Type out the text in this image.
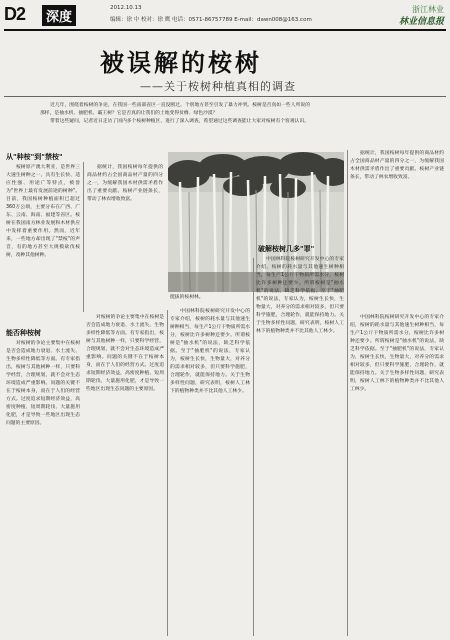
D2	深度
2012.10.13
编辑：徐 中 校对：徐 鹰 电话：0571-86757789 E-mail：dawn008@163.com
浙江林业
林业信息报
被误解的桉树
——关于桉树种植真相的调查

近几年，围绕着桉树的争论，在我国一些南部省区一直没断过。个别地方甚至引发了暴力冲突。桉树是否真如一些人所说的那样，是抽水机、抽肥机、霸王树？它是否真的让我们的土地变得贫瘠、绿色沙漠？

带着这些疑问，记者近日走访了国内多个桉树种植区，进行了深入调查，希望通过这些调查能让大家对桉树有个客观认识。

从"种桉"到"禁桉"

桉树原产澳大利亚，是世界三大速生树种之一，具有生长快、适应性强、用途广等特点，被誉为"世界上最有发展前途的树种"。目前，我国桉树种植面积已超过360万公顷，主要分布在广西、广东、云南、海南、福建等省区。桉树在我国南方林业发展和木材供应中发挥着重要作用。然而，近年来，一些地方却出现了"禁桉"的声音，有的地方甚至大规模砍伐桉树，改种其他树种。

据统计，我国桉树每年提供的商品材约占全国商品材产量的四分之一，为缓解我国木材供需矛盾作出了重要贡献。桉树产业链条长，带动了林农增收致富。

挺拔的桉树林。

据统计，我国桉树每年提供的商品材约占全国商品材产量的四分之一，为缓解我国木材供需矛盾作出了重要贡献。桉树产业链条长，带动了林农增收致富。

破解桉树几多"罪"
能否种桉树

对桉树的争论主要集中在桉树是否会造成地力衰退、水土流失、生物多样性降低等方面。有专家指出，桉树与其他树种一样，只要科学经营，合理规划，就不会对生态环境造成严重影响。问题的关键不在于桉树本身，而在于人们的经营方式。过度追求短期经济效益，高密度种植、短周期轮伐、大量施用化肥，才是导致一些地区出现生态问题的主要原因。

对桉树的争论主要集中在桉树是否会造成地力衰退、水土流失、生物多样性降低等方面。有专家指出，桉树与其他树种一样，只要科学经营，合理规划，就不会对生态环境造成严重影响。问题的关键不在于桉树本身，而在于人们的经营方式。过度追求短期经济效益，高密度种植、短周期轮伐、大量施用化肥，才是导致一些地区出现生态问题的主要原因。

中国林科院桉树研究开发中心的专家介绍，桉树的耗水量与其他速生树种相当，每生产1公斤干物质所需水分，桉树比许多树种还要少。所谓桉树是"抽水机"的说法，缺乏科学依据。至于"抽肥机"的说法，专家认为，桉树生长快，生物量大，对养分的需求相对较多，但只要科学施肥，合理轮作，就能保持地力。关于生物多样性问题，研究表明，桉树人工林下的植物种类并不比其他人工林少。

中国林科院桉树研究开发中心的专家介绍，桉树的耗水量与其他速生树种相当，每生产1公斤干物质所需水分，桉树比许多树种还要少。所谓桉树是"抽水机"的说法，缺乏科学依据。至于"抽肥机"的说法，专家认为，桉树生长快，生物量大，对养分的需求相对较多，但只要科学施肥，合理轮作，就能保持地力。关于生物多样性问题，研究表明，桉树人工林下的植物种类并不比其他人工林少。

中国林科院桉树研究开发中心的专家介绍，桉树的耗水量与其他速生树种相当，每生产1公斤干物质所需水分，桉树比许多树种还要少。所谓桉树是"抽水机"的说法，缺乏科学依据。至于"抽肥机"的说法，专家认为，桉树生长快，生物量大，对养分的需求相对较多，但只要科学施肥，合理轮作，就能保持地力。关于生物多样性问题，研究表明，桉树人工林下的植物种类并不比其他人工林少。
